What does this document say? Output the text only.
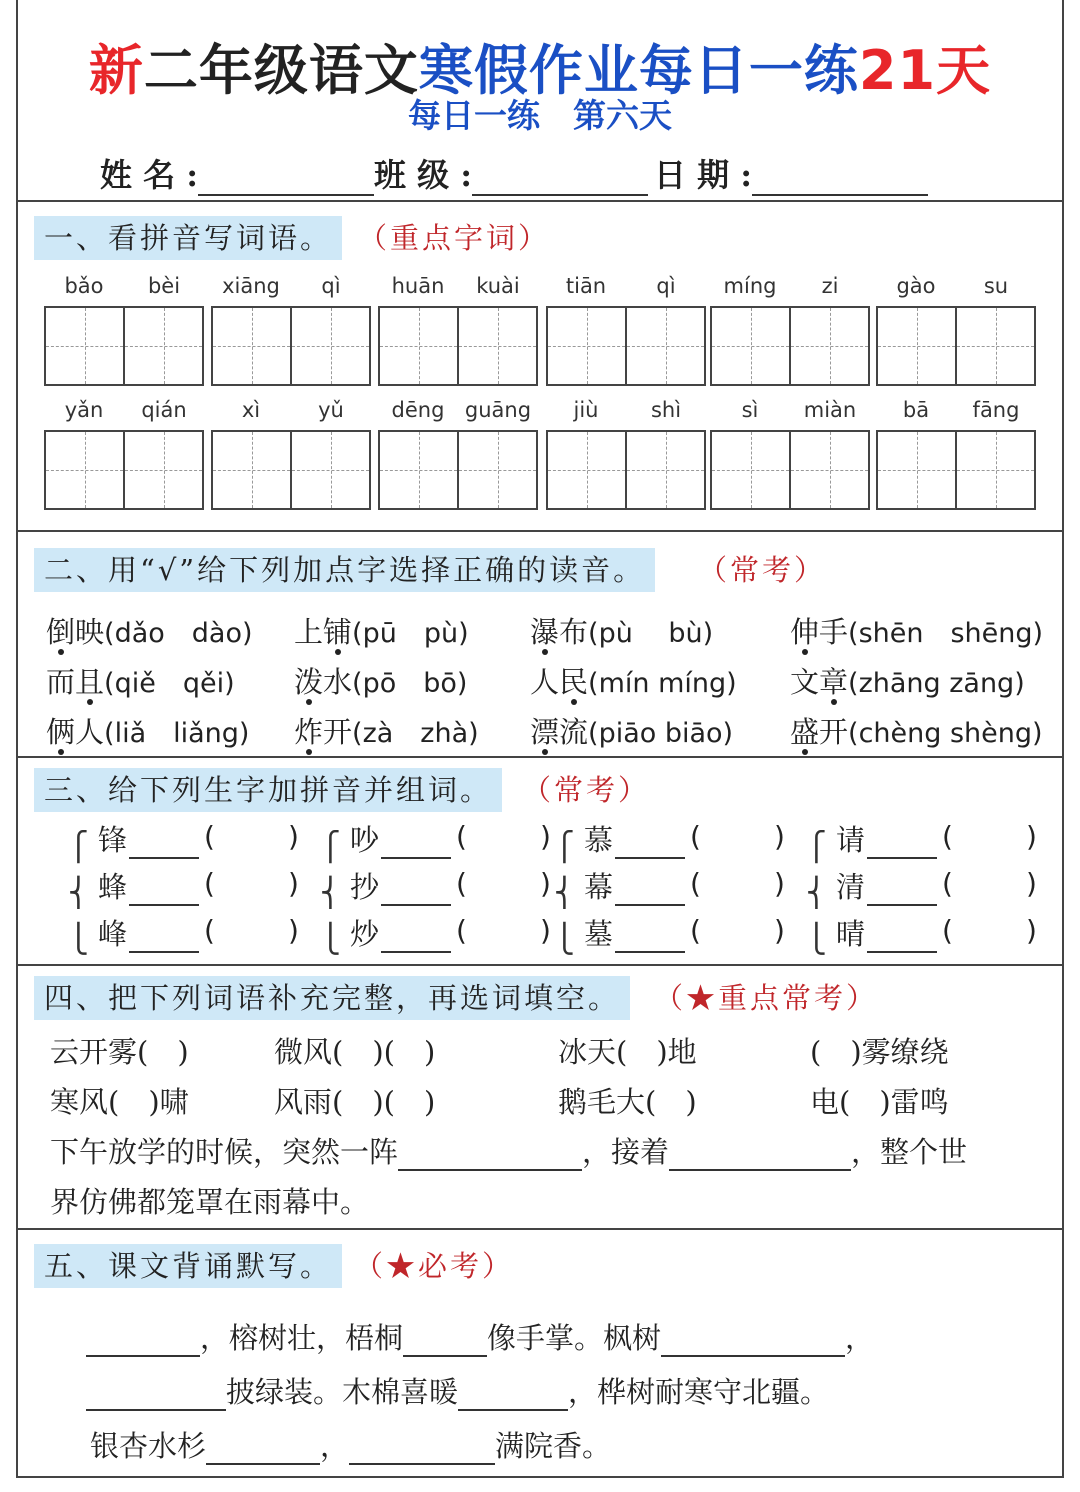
新二年级语文寒假作业每日一练21天
每日一练　第六天
姓 名 :	班 级 :	日 期 :
一、看拼音写词语。 （重点字词）
bǎo	bèi	xiāng	qì	huān	kuài	tiān	qì	míng	zi	gào	su
yǎn	qián	xì	yǔ	dēng guāng	jiù	shì	sì	miàn	bā	fāng
二、用“√”给下列加点字选择正确的读音。	（常考）
倒映(dǎo　dào) 上铺(pū　pù) 瀑布(pù　 bù)	伸手(shēn　shēng)
而且(qiě　qěi) 泼水(pō　bō) 人民(mín míng) 文章(zhāng zāng)
俩人(liǎ　liǎng) 炸开(zà　zhà) 漂流(piāo biāo) 盛开(chèng shèng)
三、给下列生字加拼音并组词。	（常考）
⎧
⎨
⎩
锋	(	)
蜂	(	)
峰	(	)
⎧
⎨
⎩
吵	(	)
抄	(	)
炒	(	)
⎧
⎨
⎩
慕	(	)
幕	(	)
墓	(	)
⎧
⎨
⎩
请	(	)
清	(	)
晴	(	)
四、把下列词语补充完整，再选词填空。	（★重点常考）
云开雾(　)	微风(　)(　)	冰天(　)地	(　)雾缭绕
寒风(　)啸	风雨(　)(　)	鹅毛大(　)	电(　)雷鸣
下午放学的时候，突然一阵	，接着	，整个世
界仿佛都笼罩在雨幕中。
五、课文背诵默写。 （★必考）
，榕树壮，梧桐	像手掌。枫树	，
披绿装。木棉喜暖	，桦树耐寒守北疆。
银杏水杉	，	满院香。
